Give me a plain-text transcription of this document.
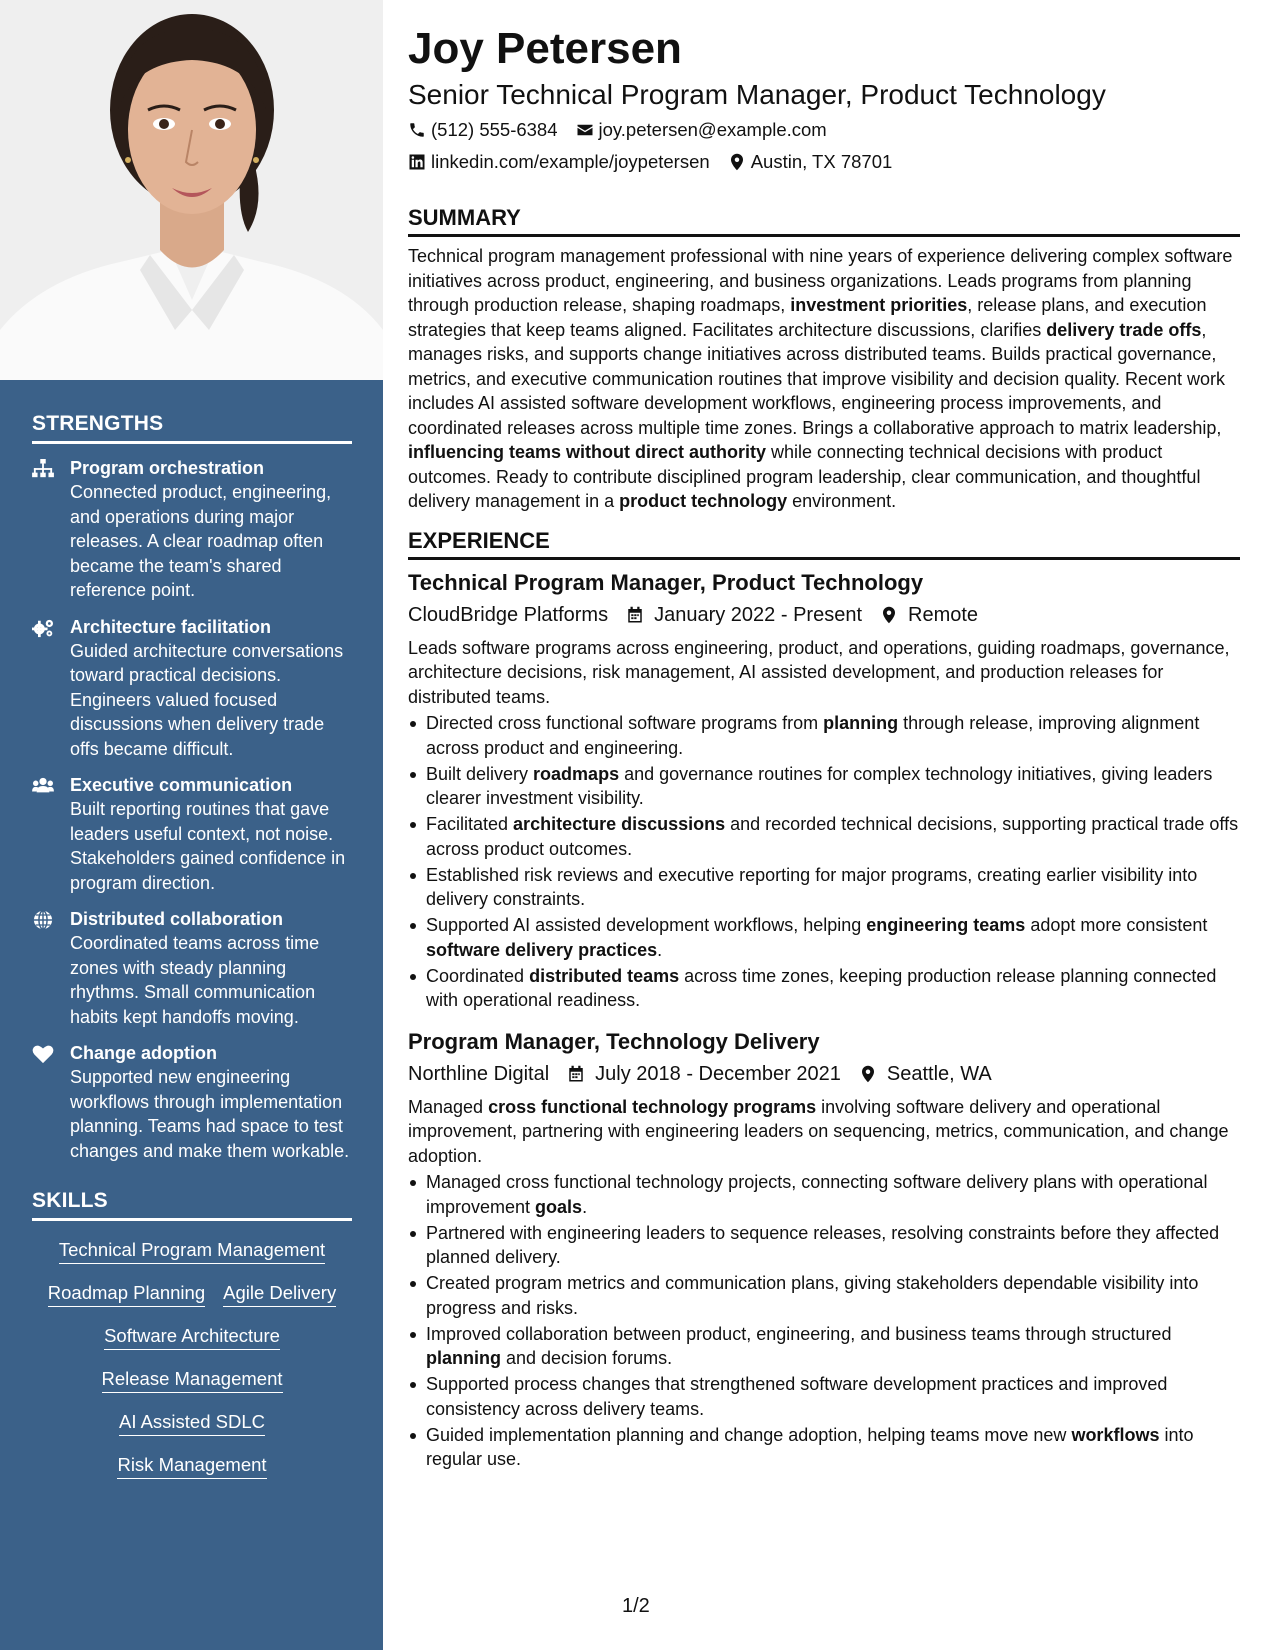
STRENGTHS
Program orchestration
Connected product, engineering, and operations during major releases. A clear roadmap often became the team's shared reference point.
Architecture facilitation
Guided architecture conversations toward practical decisions. Engineers valued focused discussions when delivery trade offs became difficult.
Executive communication
Built reporting routines that gave leaders useful context, not noise. Stakeholders gained confidence in program direction.
Distributed collaboration
Coordinated teams across time zones with steady planning rhythms. Small communication habits kept handoffs moving.
Change adoption
Supported new engineering workflows through implementation planning. Teams had space to test changes and make them workable.
SKILLS
Technical Program Management
Roadmap Planning Agile Delivery
Software Architecture
Release Management
AI Assisted SDLC
Risk Management
Joy Petersen
Senior Technical Program Manager, Product Technology
(512) 555-6384 joy.petersen@example.com
linkedin.com/example/joypetersen Austin, TX 78701
SUMMARY

Technical program management professional with nine years of experience delivering complex software initiatives across product, engineering, and business organizations. Leads programs from planning through production release, shaping roadmaps, investment priorities, release plans, and execution strategies that keep teams aligned. Facilitates architecture discussions, clarifies delivery trade offs, manages risks, and supports change initiatives across distributed teams. Builds practical governance, metrics, and executive communication routines that improve visibility and decision quality. Recent work includes AI assisted software development workflows, engineering process improvements, and coordinated releases across multiple time zones. Brings a collaborative approach to matrix leadership, influencing teams without direct authority while connecting technical decisions with product outcomes. Ready to contribute disciplined program leadership, clear communication, and thoughtful delivery management in a product technology environment.

EXPERIENCE
Technical Program Manager, Product Technology
CloudBridge Platforms January 2022 - Present Remote

Leads software programs across engineering, product, and operations, guiding roadmaps, governance, architecture decisions, risk management, AI assisted development, and production releases for distributed teams.

Directed cross functional software programs from planning through release, improving alignment across product and engineering.
Built delivery roadmaps and governance routines for complex technology initiatives, giving leaders clearer investment visibility.
Facilitated architecture discussions and recorded technical decisions, supporting practical trade offs across product outcomes.
Established risk reviews and executive reporting for major programs, creating earlier visibility into delivery constraints.
Supported AI assisted development workflows, helping engineering teams adopt more consistent software delivery practices.
Coordinated distributed teams across time zones, keeping production release planning connected with operational readiness.
Program Manager, Technology Delivery
Northline Digital July 2018 - December 2021 Seattle, WA

Managed cross functional technology programs involving software delivery and operational improvement, partnering with engineering leaders on sequencing, metrics, communication, and change adoption.

Managed cross functional technology projects, connecting software delivery plans with operational improvement goals.
Partnered with engineering leaders to sequence releases, resolving constraints before they affected planned delivery.
Created program metrics and communication plans, giving stakeholders dependable visibility into progress and risks.
Improved collaboration between product, engineering, and business teams through structured planning and decision forums.
Supported process changes that strengthened software development practices and improved consistency across delivery teams.
Guided implementation planning and change adoption, helping teams move new workflows into regular use.
1/2
